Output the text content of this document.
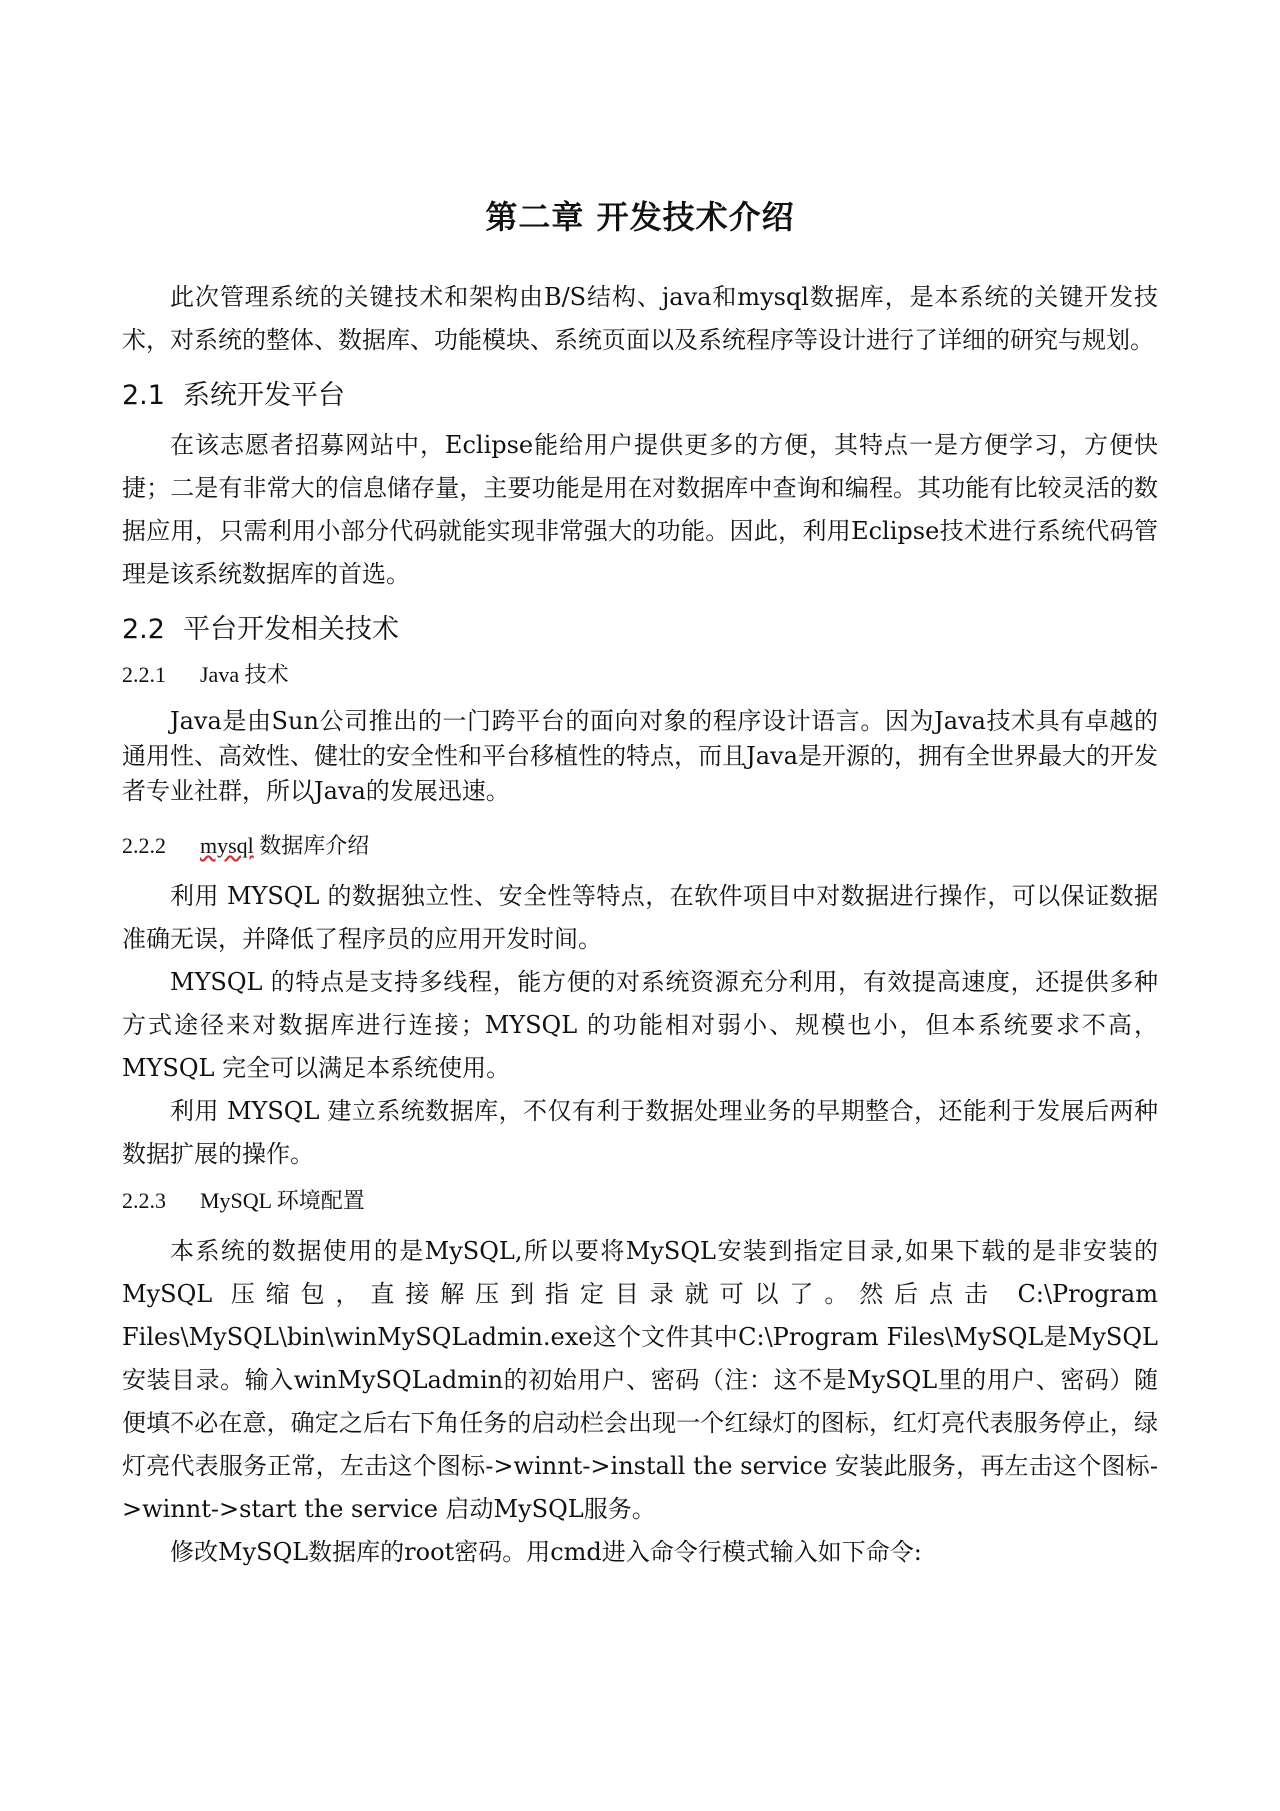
第二章 开发技术介绍

此次管理系统的关键技术和架构由B/S结构、java和mysql数据库，是本系统的关键开发技术，对系统的整体、数据库、功能模块、系统页面以及系统程序等设计进行了详细的研究与规划。

2.1 系统开发平台

在该志愿者招募网站中，Eclipse能给用户提供更多的方便，其特点一是方便学习，方便快捷；二是有非常大的信息储存量，主要功能是用在对数据库中查询和编程。其功能有比较灵活的数据应用，只需利用小部分代码就能实现非常强大的功能。因此，利用Eclipse技术进行系统代码管理是该系统数据库的首选。

2.2 平台开发相关技术
2.2.1 Java 技术

Java是由Sun公司推出的一门跨平台的面向对象的程序设计语言。因为Java技术具有卓越的通用性、高效性、健壮的安全性和平台移植性的特点，而且Java是开源的，拥有全世界最大的开发者专业社群，所以Java的发展迅速。

2.2.2 mysql 数据库介绍

利用 MYSQL 的数据独立性、安全性等特点，在软件项目中对数据进行操作，可以保证数据准确无误，并降低了程序员的应用开发时间。

MYSQL 的特点是支持多线程，能方便的对系统资源充分利用，有效提高速度，还提供多种方式途径来对数据库进行连接；MYSQL 的功能相对弱小、规模也小，但本系统要求不高，MYSQL 完全可以满足本系统使用。

利用 MYSQL 建立系统数据库，不仅有利于数据处理业务的早期整合，还能利于发展后两种数据扩展的操作。

2.2.3 MySQL 环境配置

本系统的数据使用的是MySQL,所以要将MySQL安装到指定目录,如果下载的是非安装的 MySQL 压缩包，直接解压到指定目录就可以了。然后点击 C:\Program Files\MySQL\bin\winMySQLadmin.exe这个文件其中C:\Program Files\MySQL是MySQL安装目录。输入winMySQLadmin的初始用户、密码（注：这不是MySQL里的用户、密码）随便填不必在意，确定之后右下角任务的启动栏会出现一个红绿灯的图标，红灯亮代表服务停止，绿灯亮代表服务正常，左击这个图标->winnt->install the service 安装此服务，再左击这个图标->winnt->start the service 启动MySQL服务。

修改MySQL数据库的root密码。用cmd进入命令行模式输入如下命令:
